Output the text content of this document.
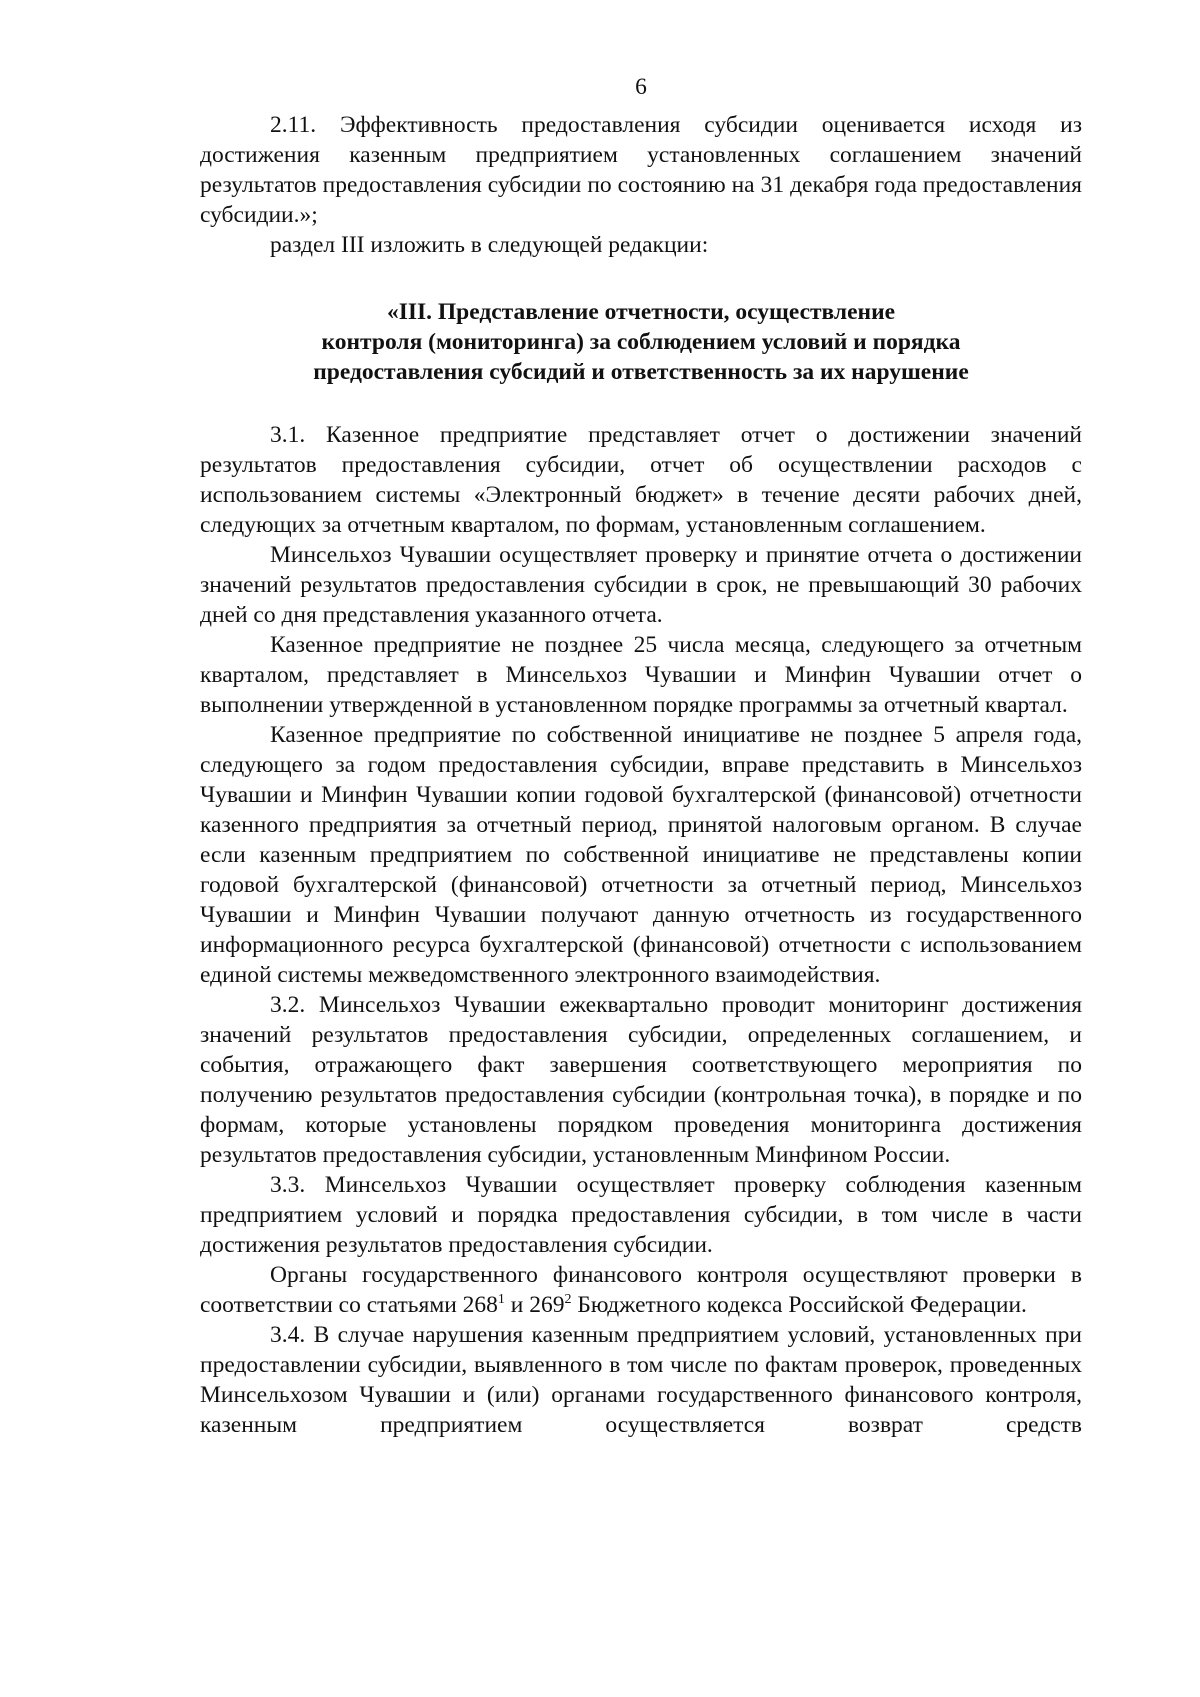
6

2.11. Эффективность предоставления субсидии оценивается исходя из достижения казенным предприятием установленных соглашением значений результатов предоставления субсидии по состоянию на 31 декабря года предоставления субсидии.»;

раздел III изложить в следующей редакции:

«III. Представление отчетности, осуществление
контроля (мониторинга) за соблюдением условий и порядка
предоставления субсидий и ответственность за их нарушение

3.1. Казенное предприятие представляет отчет о достижении значений результатов предоставления субсидии, отчет об осуществлении расходов с использованием системы «Электронный бюджет» в течение десяти рабочих дней, следующих за отчетным кварталом, по формам, установленным соглашением.

Минсельхоз Чувашии осуществляет проверку и принятие отчета о достижении значений результатов предоставления субсидии в срок, не превышающий 30 рабочих дней со дня представления указанного отчета.

Казенное предприятие не позднее 25 числа месяца, следующего за отчетным кварталом, представляет в Минсельхоз Чувашии и Минфин Чувашии отчет о выполнении утвержденной в установленном порядке программы за отчетный квартал.

Казенное предприятие по собственной инициативе не позднее 5 апреля года, следующего за годом предоставления субсидии, вправе представить в Минсельхоз Чувашии и Минфин Чувашии копии годовой бухгалтерской (финансовой) отчетности казенного предприятия за отчетный период, принятой налоговым органом. В случае если казенным предприятием по собственной инициативе не представлены копии годовой бухгалтерской (финансовой) отчетности за отчетный период, Минсельхоз Чувашии и Минфин Чувашии получают данную отчетность из государственного информационного ресурса бухгалтерской (финансовой) отчетности с использованием единой системы межведомственного электронного взаимодействия.

3.2. Минсельхоз Чувашии ежеквартально проводит мониторинг достижения значений результатов предоставления субсидии, определенных соглашением, и события, отражающего факт завершения соответствующего мероприятия по получению результатов предоставления субсидии (контрольная точка), в порядке и по формам, которые установлены порядком проведения мониторинга достижения результатов предоставления субсидии, установленным Минфином России.

3.3. Минсельхоз Чувашии осуществляет проверку соблюдения казенным предприятием условий и порядка предоставления субсидии, в том числе в части достижения результатов предоставления субсидии.

Органы государственного финансового контроля осуществляют проверки в соответствии со статьями $268^1$ и $269^2$ Бюджетного кодекса Российской Федерации.

3.4. В случае нарушения казенным предприятием условий, установленных при предоставлении субсидии, выявленного в том числе по фактам проверок, проведенных Минсельхозом Чувашии и (или) органами государственного финансового контроля, казенным предприятием осуществляется возврат средств
